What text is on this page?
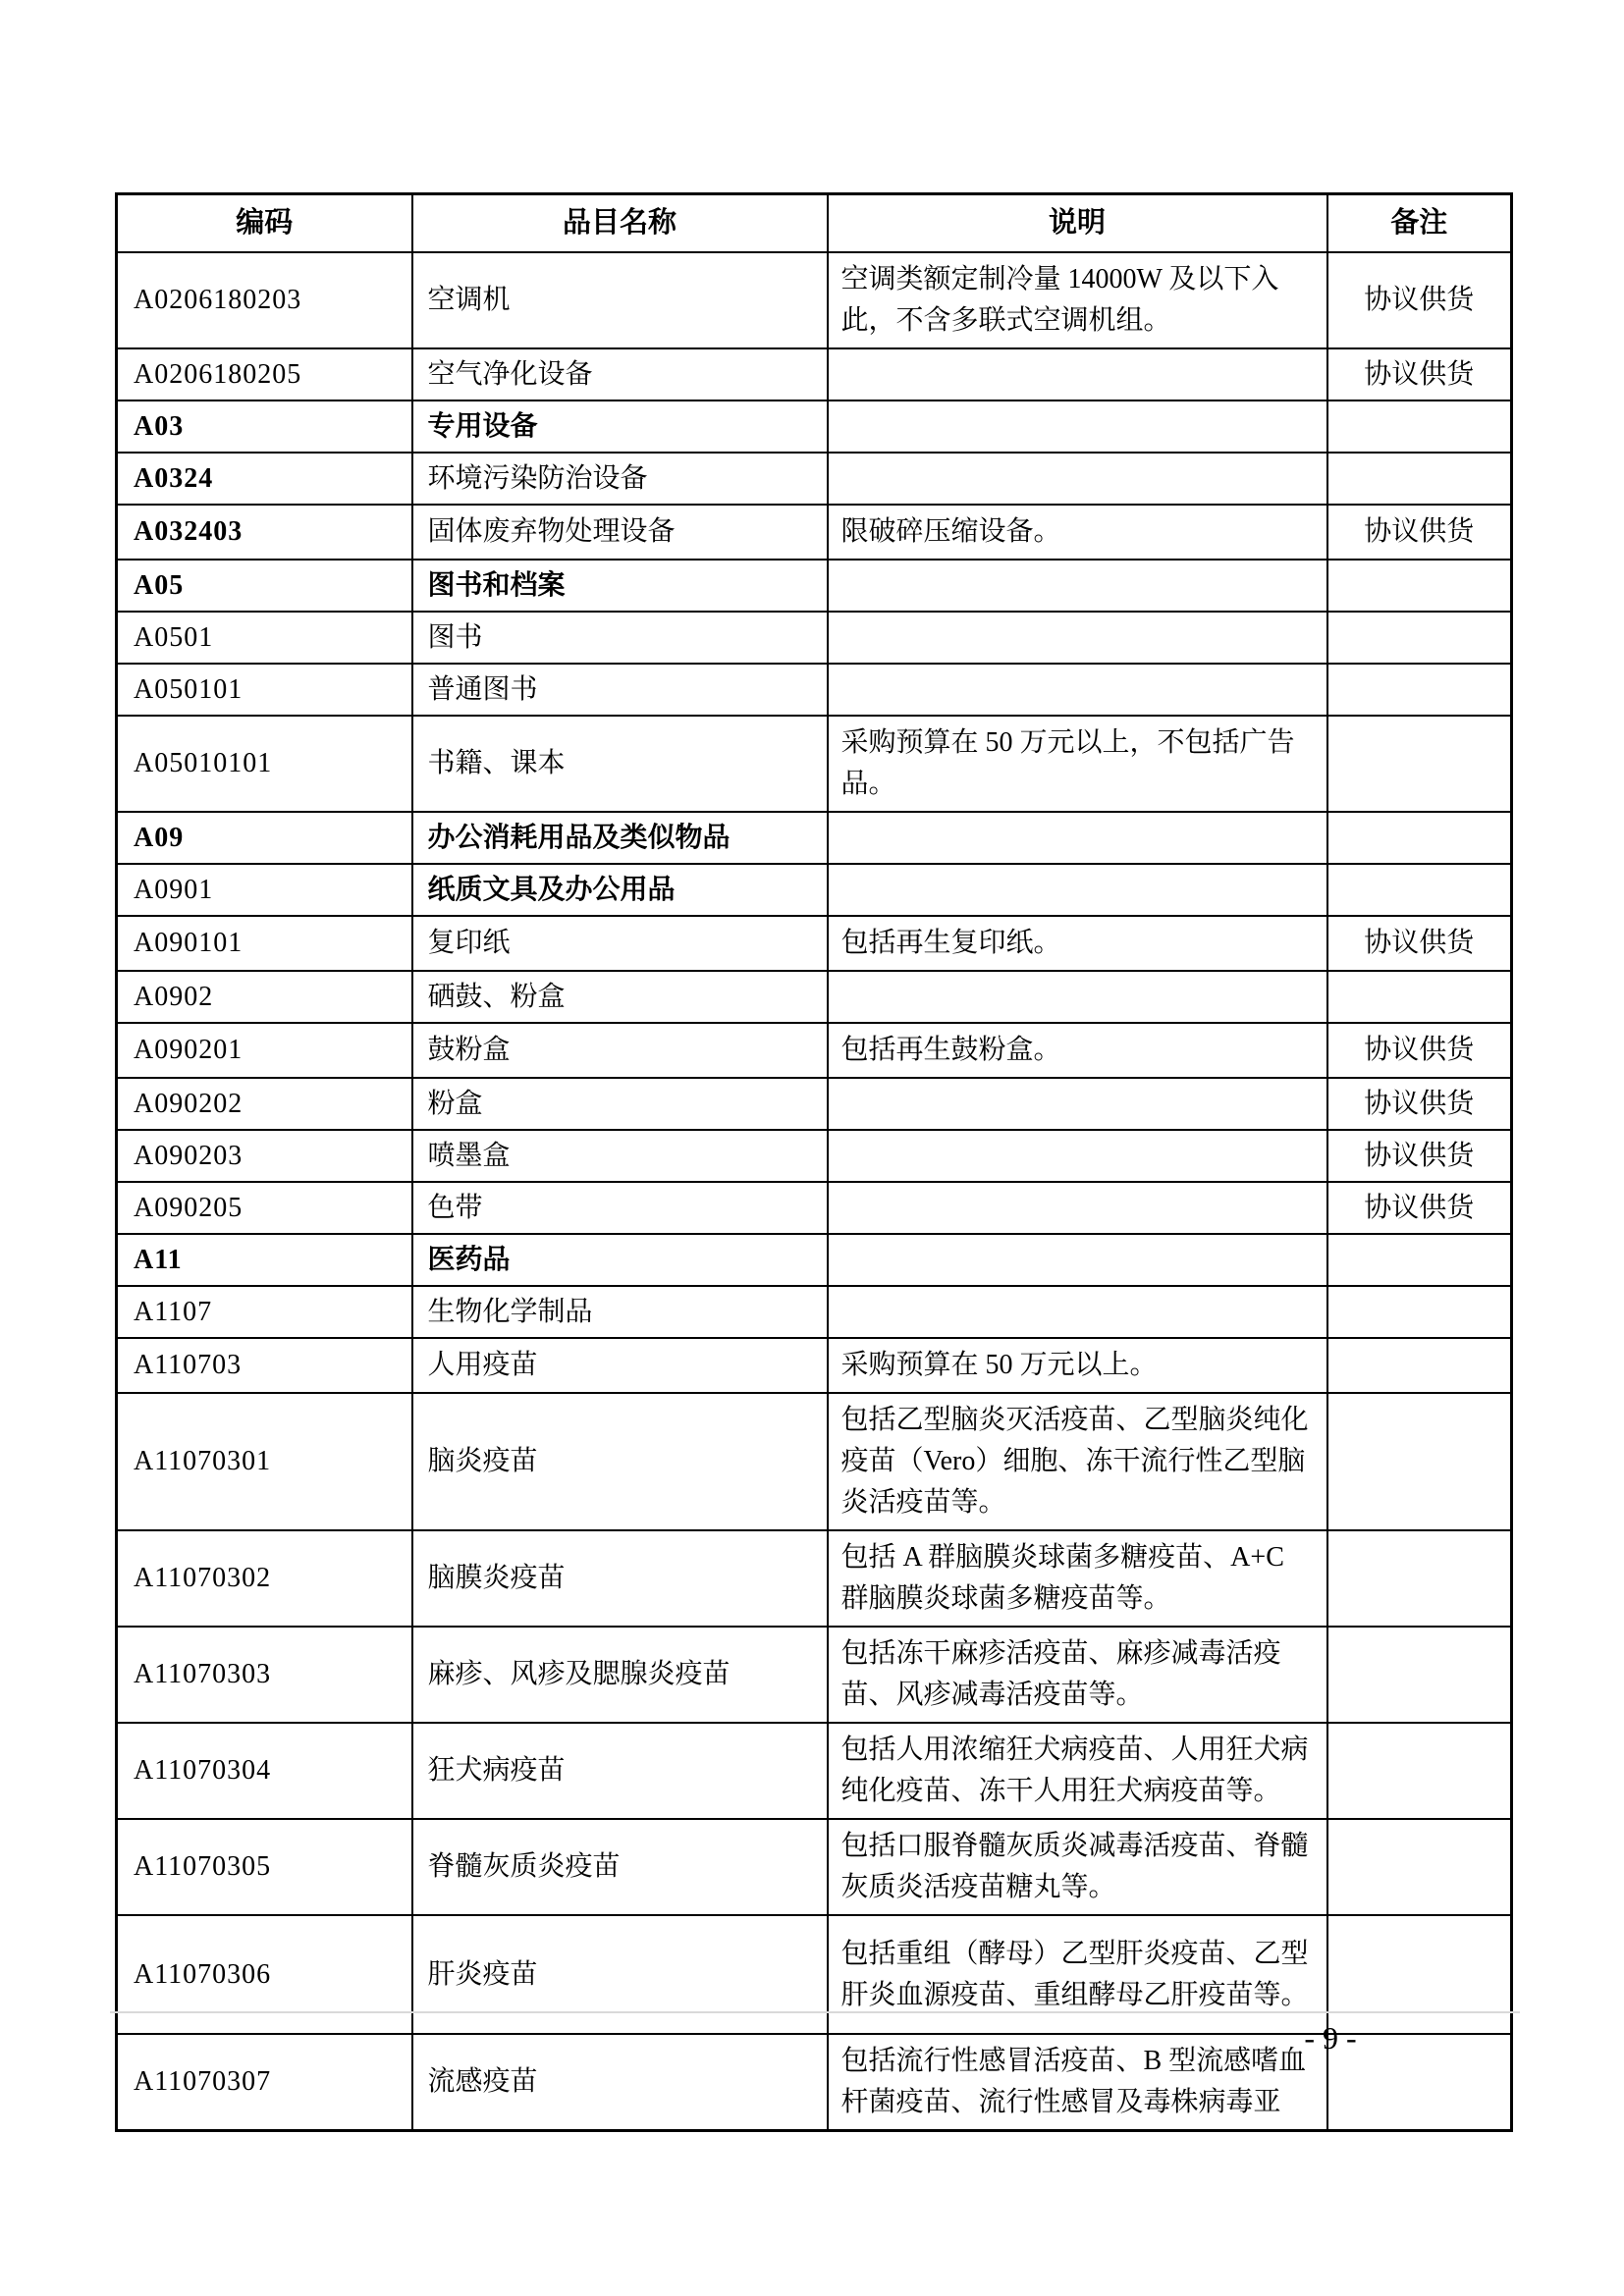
编码	品目名称	说明	备注
A0206180203	空调机	空调类额定制冷量 14000W 及以下入此，不含多联式空调机组。	协议供货
A0206180205	空气净化设备		协议供货
A03	专用设备		
A0324	环境污染防治设备		
A032403	固体废弃物处理设备	限破碎压缩设备。	协议供货
A05	图书和档案		
A0501	图书		
A050101	普通图书		
A05010101	书籍、课本	采购预算在 50 万元以上，不包括广告品。	
A09	办公消耗用品及类似物品		
A0901	纸质文具及办公用品		
A090101	复印纸	包括再生复印纸。	协议供货
A0902	硒鼓、粉盒		
A090201	鼓粉盒	包括再生鼓粉盒。	协议供货
A090202	粉盒		协议供货
A090203	喷墨盒		协议供货
A090205	色带		协议供货
A11	医药品		
A1107	生物化学制品		
A110703	人用疫苗	采购预算在 50 万元以上。	
A11070301	脑炎疫苗	包括乙型脑炎灭活疫苗、乙型脑炎纯化疫苗（Vero）细胞、冻干流行性乙型脑炎活疫苗等。	
A11070302	脑膜炎疫苗	包括 A 群脑膜炎球菌多糖疫苗、A+C 群脑膜炎球菌多糖疫苗等。	
A11070303	麻疹、风疹及腮腺炎疫苗	包括冻干麻疹活疫苗、麻疹减毒活疫苗、风疹减毒活疫苗等。	
A11070304	狂犬病疫苗	包括人用浓缩狂犬病疫苗、人用狂犬病纯化疫苗、冻干人用狂犬病疫苗等。	
A11070305	脊髓灰质炎疫苗	包括口服脊髓灰质炎减毒活疫苗、脊髓灰质炎活疫苗糖丸等。	
A11070306	肝炎疫苗	包括重组（酵母）乙型肝炎疫苗、乙型肝炎血源疫苗、重组酵母乙肝疫苗等。	
A11070307	流感疫苗	包括流行性感冒活疫苗、B 型流感嗜血杆菌疫苗、流行性感冒及毒株病毒亚	

- 9 -
